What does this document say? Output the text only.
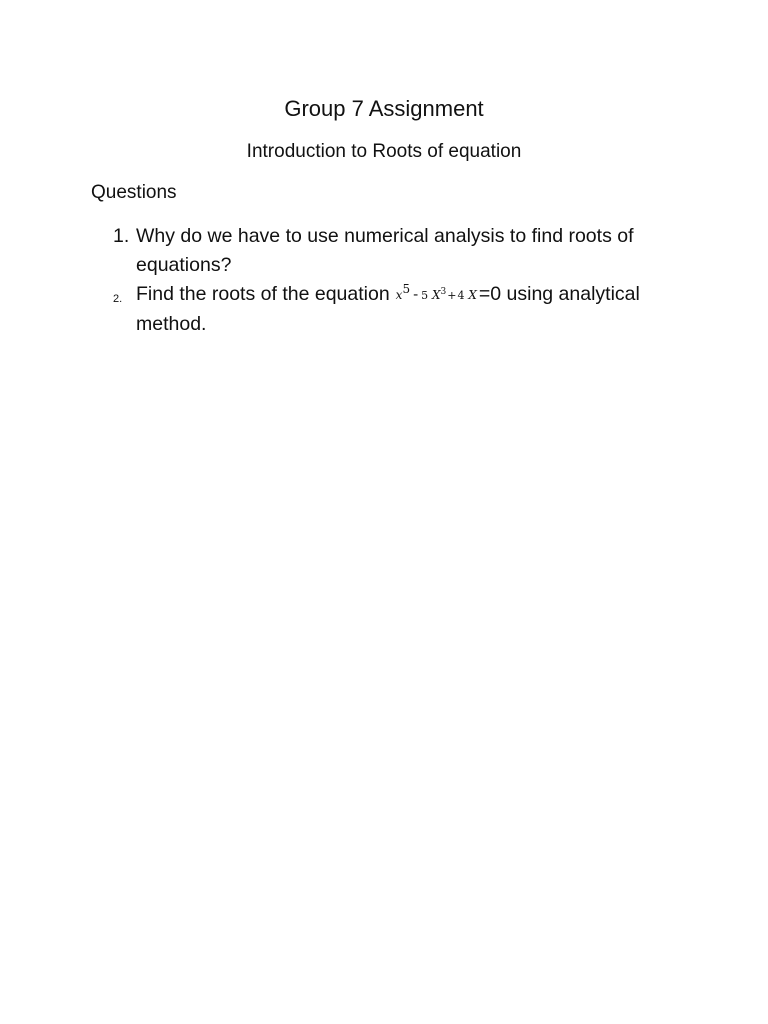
Group 7 Assignment
Introduction to Roots of equation
Questions
1. Why do we have to use numerical analysis to find roots of
equations?
2. Find the roots of the equation $x^5 - 5$ $X^3+4$ X =0 using analytical
method.
